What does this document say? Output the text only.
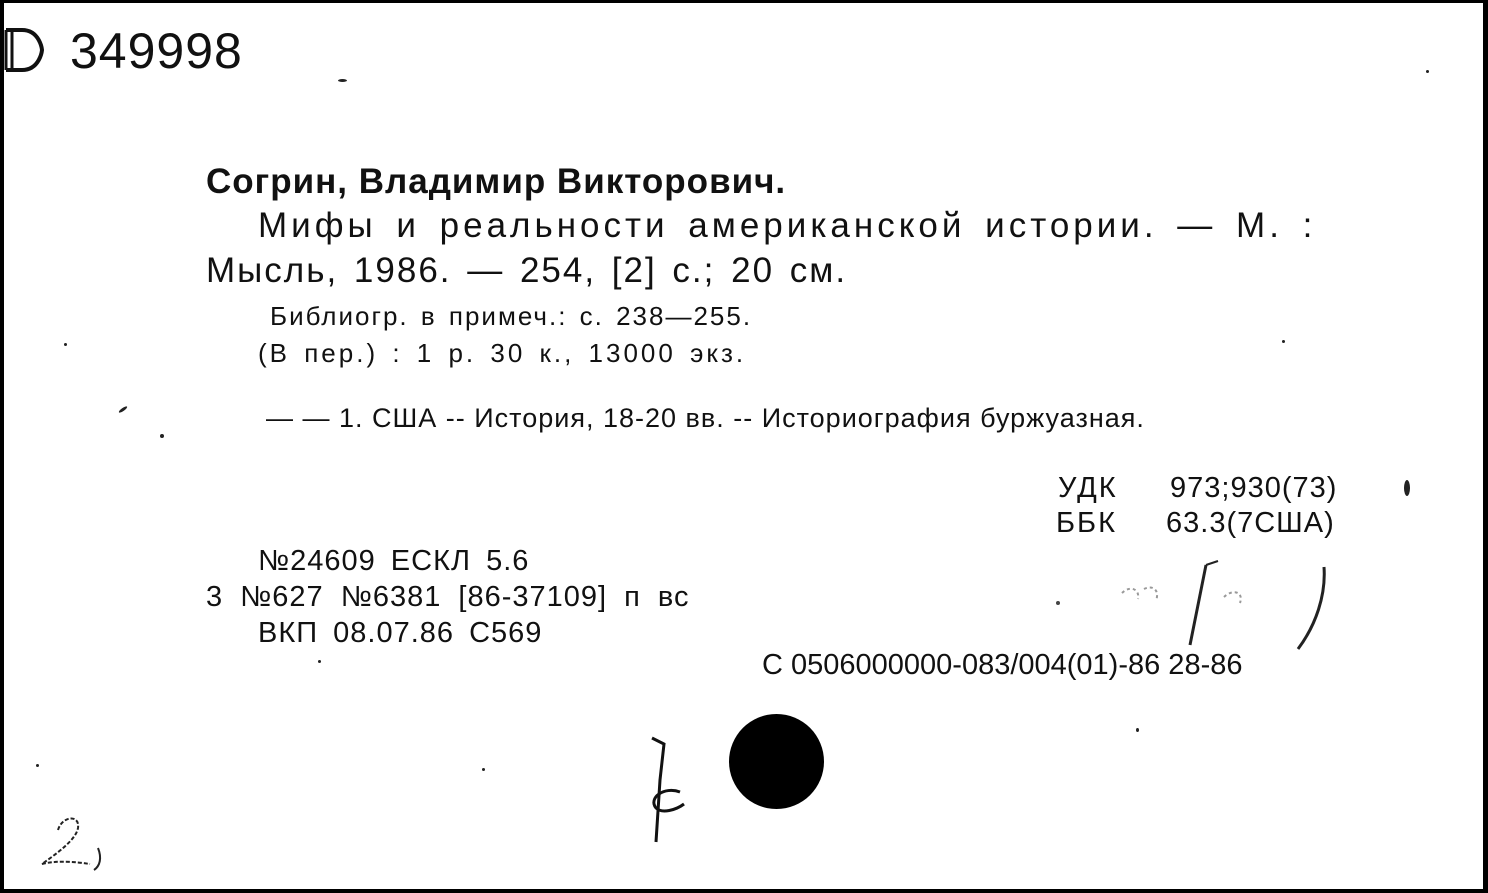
349998
Согрин, Владимир Викторович.
Мифы и реальности американской истории. — М. :
Мысль, 1986. — 254, [2] с.; 20 см.
Библиогр. в примеч.: с. 238—255.
(В пер.) : 1 р. 30 к., 13000 экз.
— — 1. США -- История, 18-20 вв. -- Историография буржуазная.
УДК 973;930(73)
ББК 63.3(7США)
№24609 ЕСКЛ 5.6
3 №627 №6381 [86-37109] п вс
ВКП 08.07.86 С569
С 0506000000-083/004(01)-86 28-86
